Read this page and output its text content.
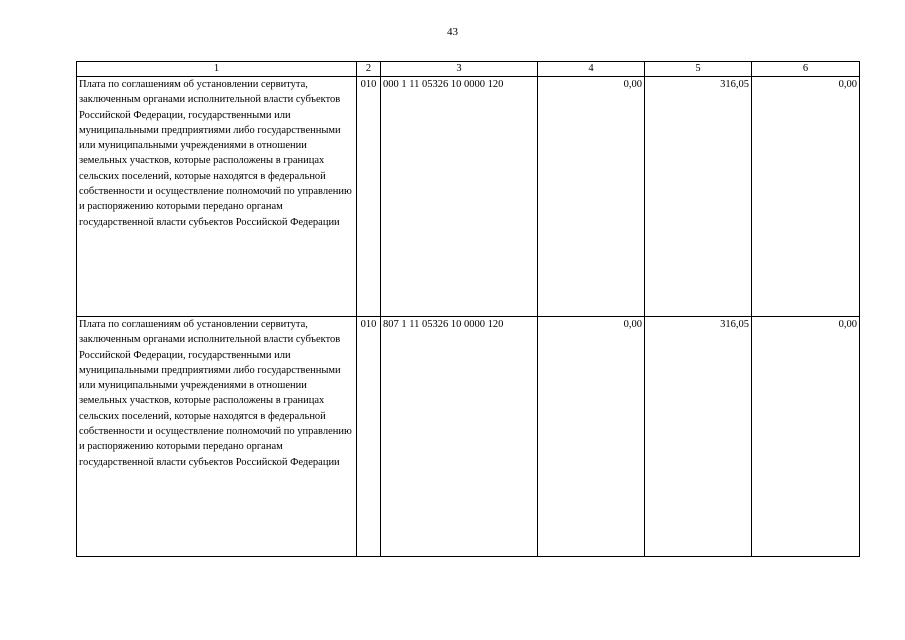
43
1	2	3	4	5	6
Плата по соглашениям об установлении сервитута, заключенным органами исполнительной власти субъектов Российской Федерации, государственными или муниципальными предприятиями либо государственными или муниципальными учреждениями в отношении земельных участков, которые расположены в границах сельских поселений, которые находятся в федеральной собственности и осуществление полномочий по управлению и распоряжению которыми передано органам государственной власти субъектов Российской Федерации	010	000 1 11 05326 10 0000 120	0,00	316,05	0,00
Плата по соглашениям об установлении сервитута, заключенным органами исполнительной власти субъектов Российской Федерации, государственными или муниципальными предприятиями либо государственными или муниципальными учреждениями в отношении земельных участков, которые расположены в границах сельских поселений, которые находятся в федеральной собственности и осуществление полномочий по управлению и распоряжению которыми передано органам государственной власти субъектов Российской Федерации	010	807 1 11 05326 10 0000 120	0,00	316,05	0,00
